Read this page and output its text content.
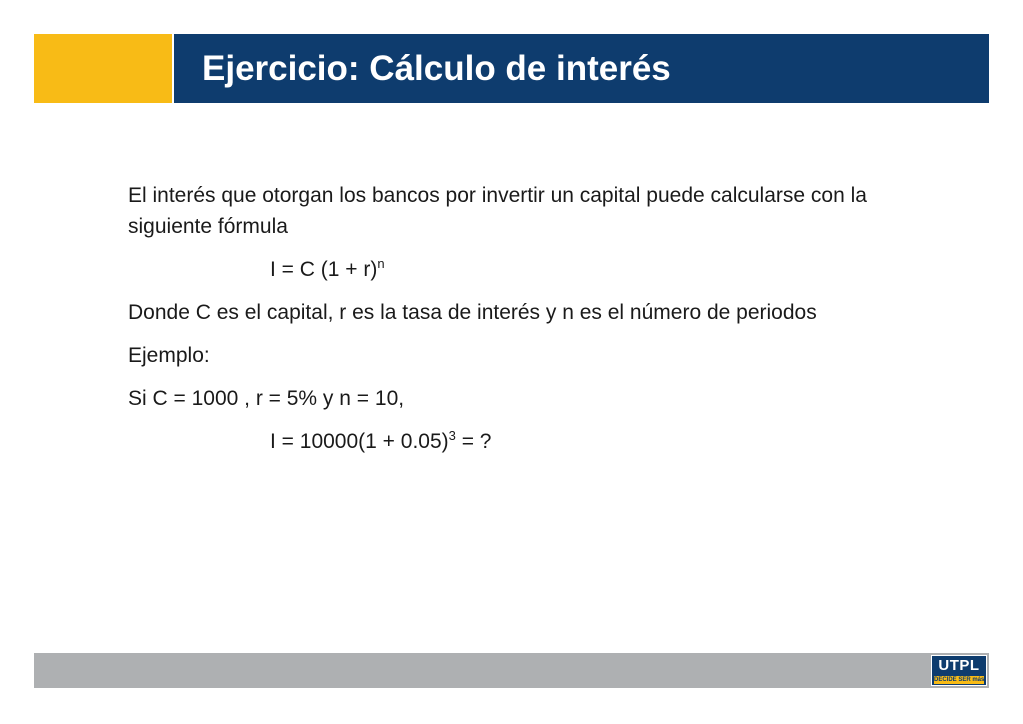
Ejercicio: Cálculo de interés

El interés que otorgan los bancos por invertir un capital puede calcularse con la siguiente fórmula

I = C $(1 + r)^n$

Donde C es el capital, r es la tasa de interés y n es el número de periodos

Ejemplo:

Si C = 1000 , r = 5% y n = 10,

$I = 10000(1 + 0.05)^3$ = ?

UTPL
DECIDE SER más
